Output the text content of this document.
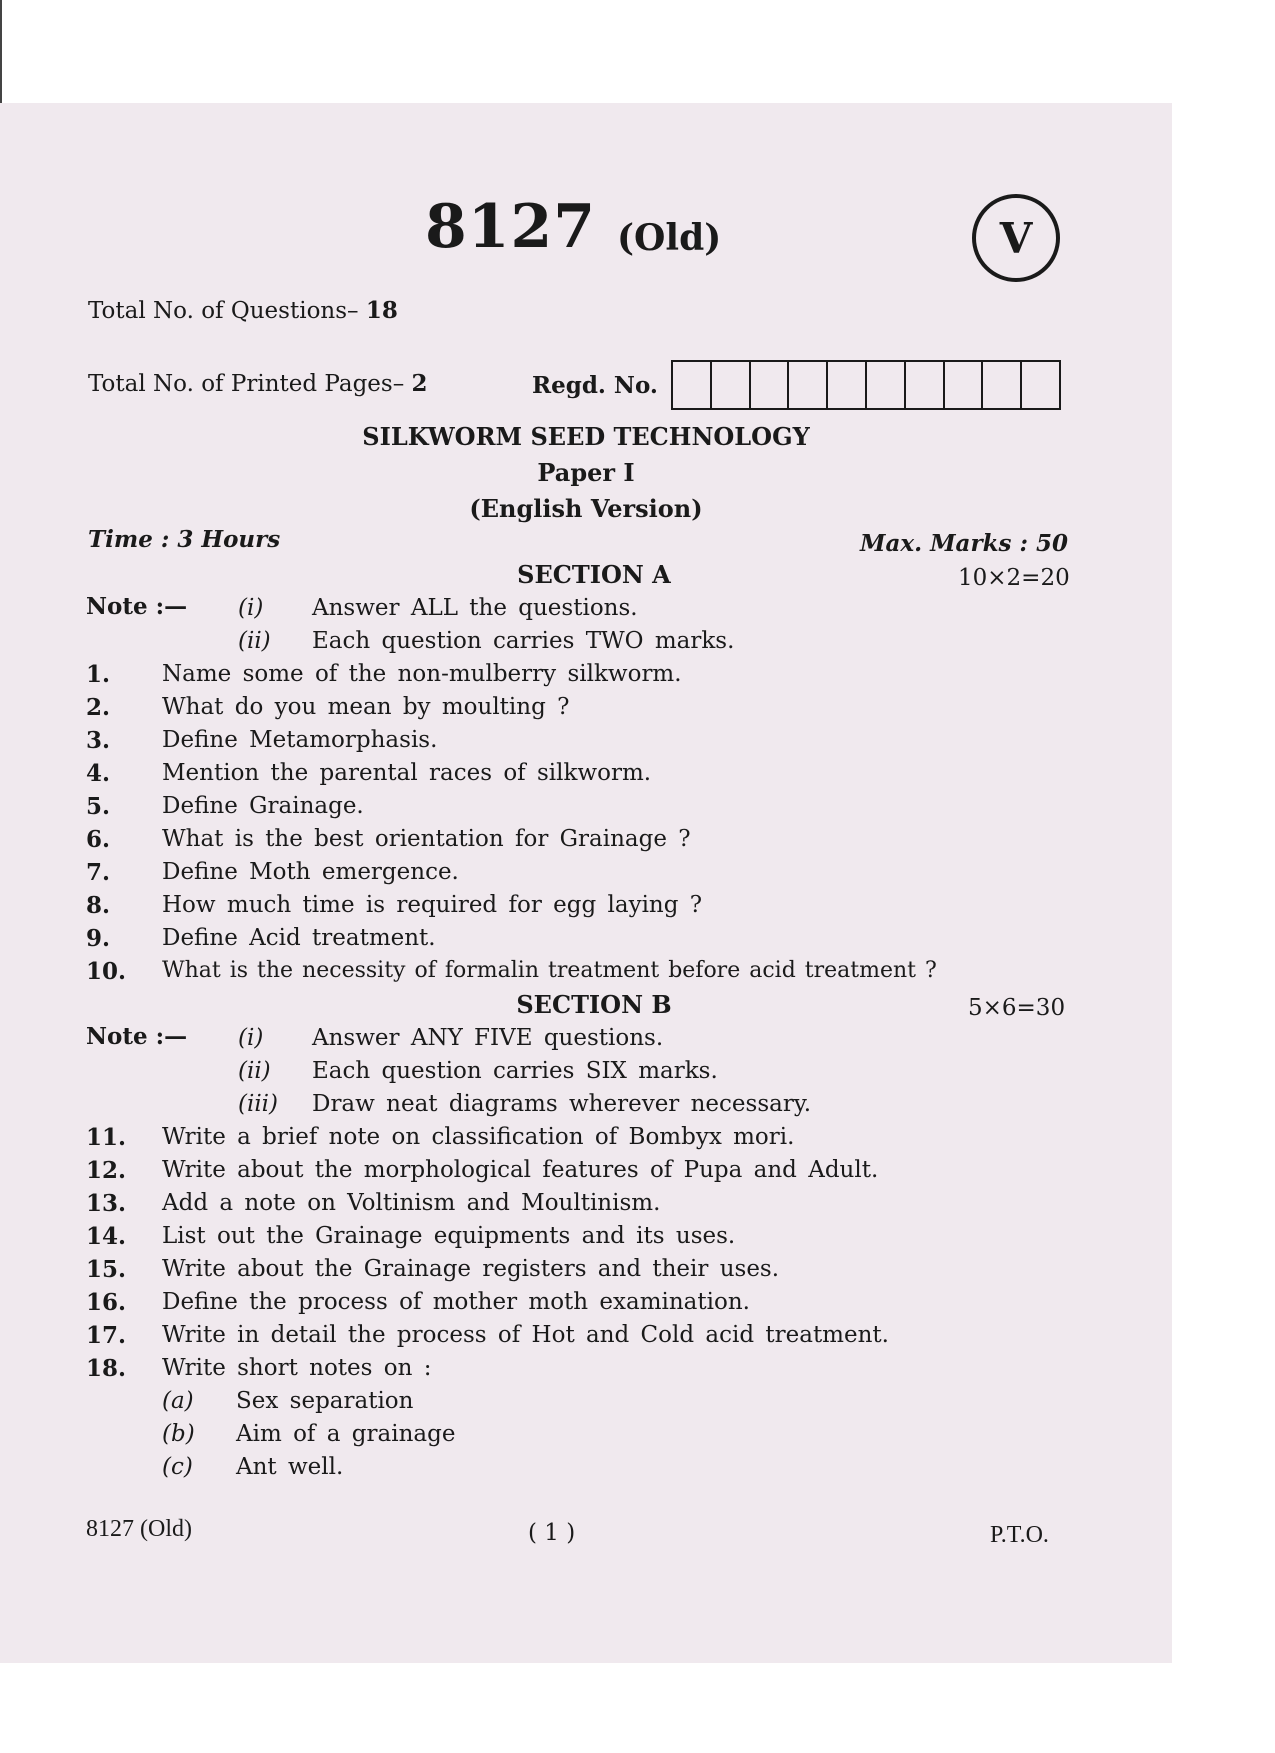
8127 (Old)	V
Total No. of Questions– 18
Total No. of Printed Pages– 2	Regd. No.
SILKWORM SEED TECHNOLOGY
Paper I
(English Version)
Time : 3 Hours	Max. Marks : 50
SECTION A	10×2=20
Note :— (i) Answer ALL the questions.
(ii) Each question carries TWO marks.
1. Name some of the non-mulberry silkworm.
2. What do you mean by moulting ?
3. Define Metamorphasis.
4. Mention the parental races of silkworm.
5. Define Grainage.
6. What is the best orientation for Grainage ?
7. Define Moth emergence.
8. How much time is required for egg laying ?
9. Define Acid treatment.
10. What is the necessity of formalin treatment before acid treatment ?
SECTION B	5×6=30
Note :— (i) Answer ANY FIVE questions.
(ii) Each question carries SIX marks.
(iii) Draw neat diagrams wherever necessary.
11. Write a brief note on classification of Bombyx mori.
12. Write about the morphological features of Pupa and Adult.
13. Add a note on Voltinism and Moultinism.
14. List out the Grainage equipments and its uses.
15. Write about the Grainage registers and their uses.
16. Define the process of mother moth examination.
17. Write in detail the process of Hot and Cold acid treatment.
18. Write short notes on :
(a) Sex separation
(b) Aim of a grainage
(c) Ant well.
8127 (Old)	( 1 )	P.T.O.
